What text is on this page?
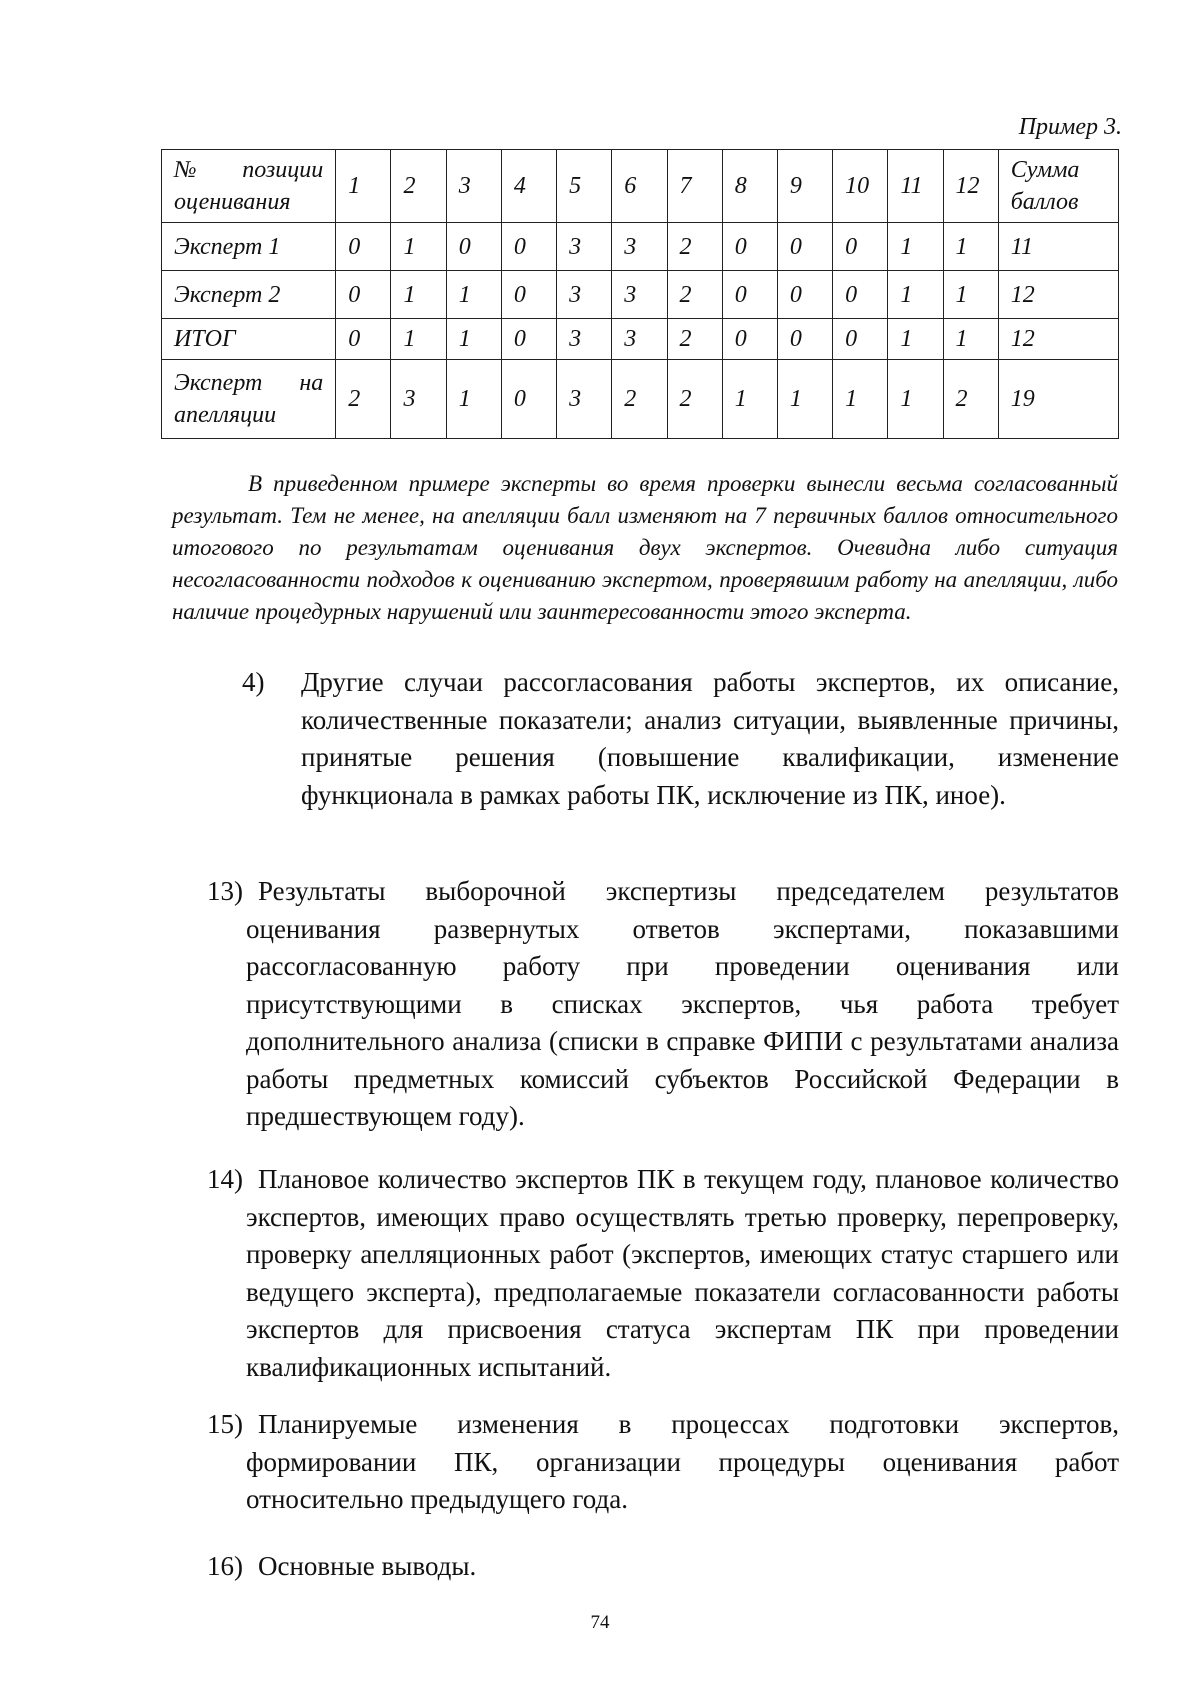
Пример 3.
№ позиции оценивания	1	2	3	4	5	6	7	8	9	10	11	12	Сумма баллов
Эксперт 1	0	1	0	0	3	3	2	0	0	0	1	1	11
Эксперт 2	0	1	1	0	3	3	2	0	0	0	1	1	12
ИТОГ	0	1	1	0	3	3	2	0	0	0	1	1	12
Эксперт на апелляции	2	3	1	0	3	2	2	1	1	1	1	2	19

В приведенном примере эксперты во время проверки вынесли весьма согласованный результат. Тем не менее, на апелляции балл изменяют на 7 первичных баллов относительного итогового по результатам оценивания двух экспертов. Очевидна либо ситуация несогласованности подходов к оцениванию экспертом, проверявшим работу на апелляции, либо наличие процедурных нарушений или заинтересованности этого эксперта.

4) Другие случаи рассогласования работы экспертов, их описание, количественные показатели; анализ ситуации, выявленные причины, принятые решения (повышение квалификации, изменение функционала в рамках работы ПК, исключение из ПК, иное).

13) Результаты выборочной экспертизы председателем результатов оценивания развернутых ответов экспертами, показавшими рассогласованную работу при проведении оценивания или присутствующими в списках экспертов, чья работа требует дополнительного анализа (списки в справке ФИПИ с результатами анализа работы предметных комиссий субъектов Российской Федерации в предшествующем году).

14) Плановое количество экспертов ПК в текущем году, плановое количество экспертов, имеющих право осуществлять третью проверку, перепроверку, проверку апелляционных работ (экспертов, имеющих статус старшего или ведущего эксперта), предполагаемые показатели согласованности работы экспертов для присвоения статуса экспертам ПК при проведении квалификационных испытаний.

15) Планируемые изменения в процессах подготовки экспертов, формировании ПК, организации процедуры оценивания работ относительно предыдущего года.

16) Основные выводы.

74
